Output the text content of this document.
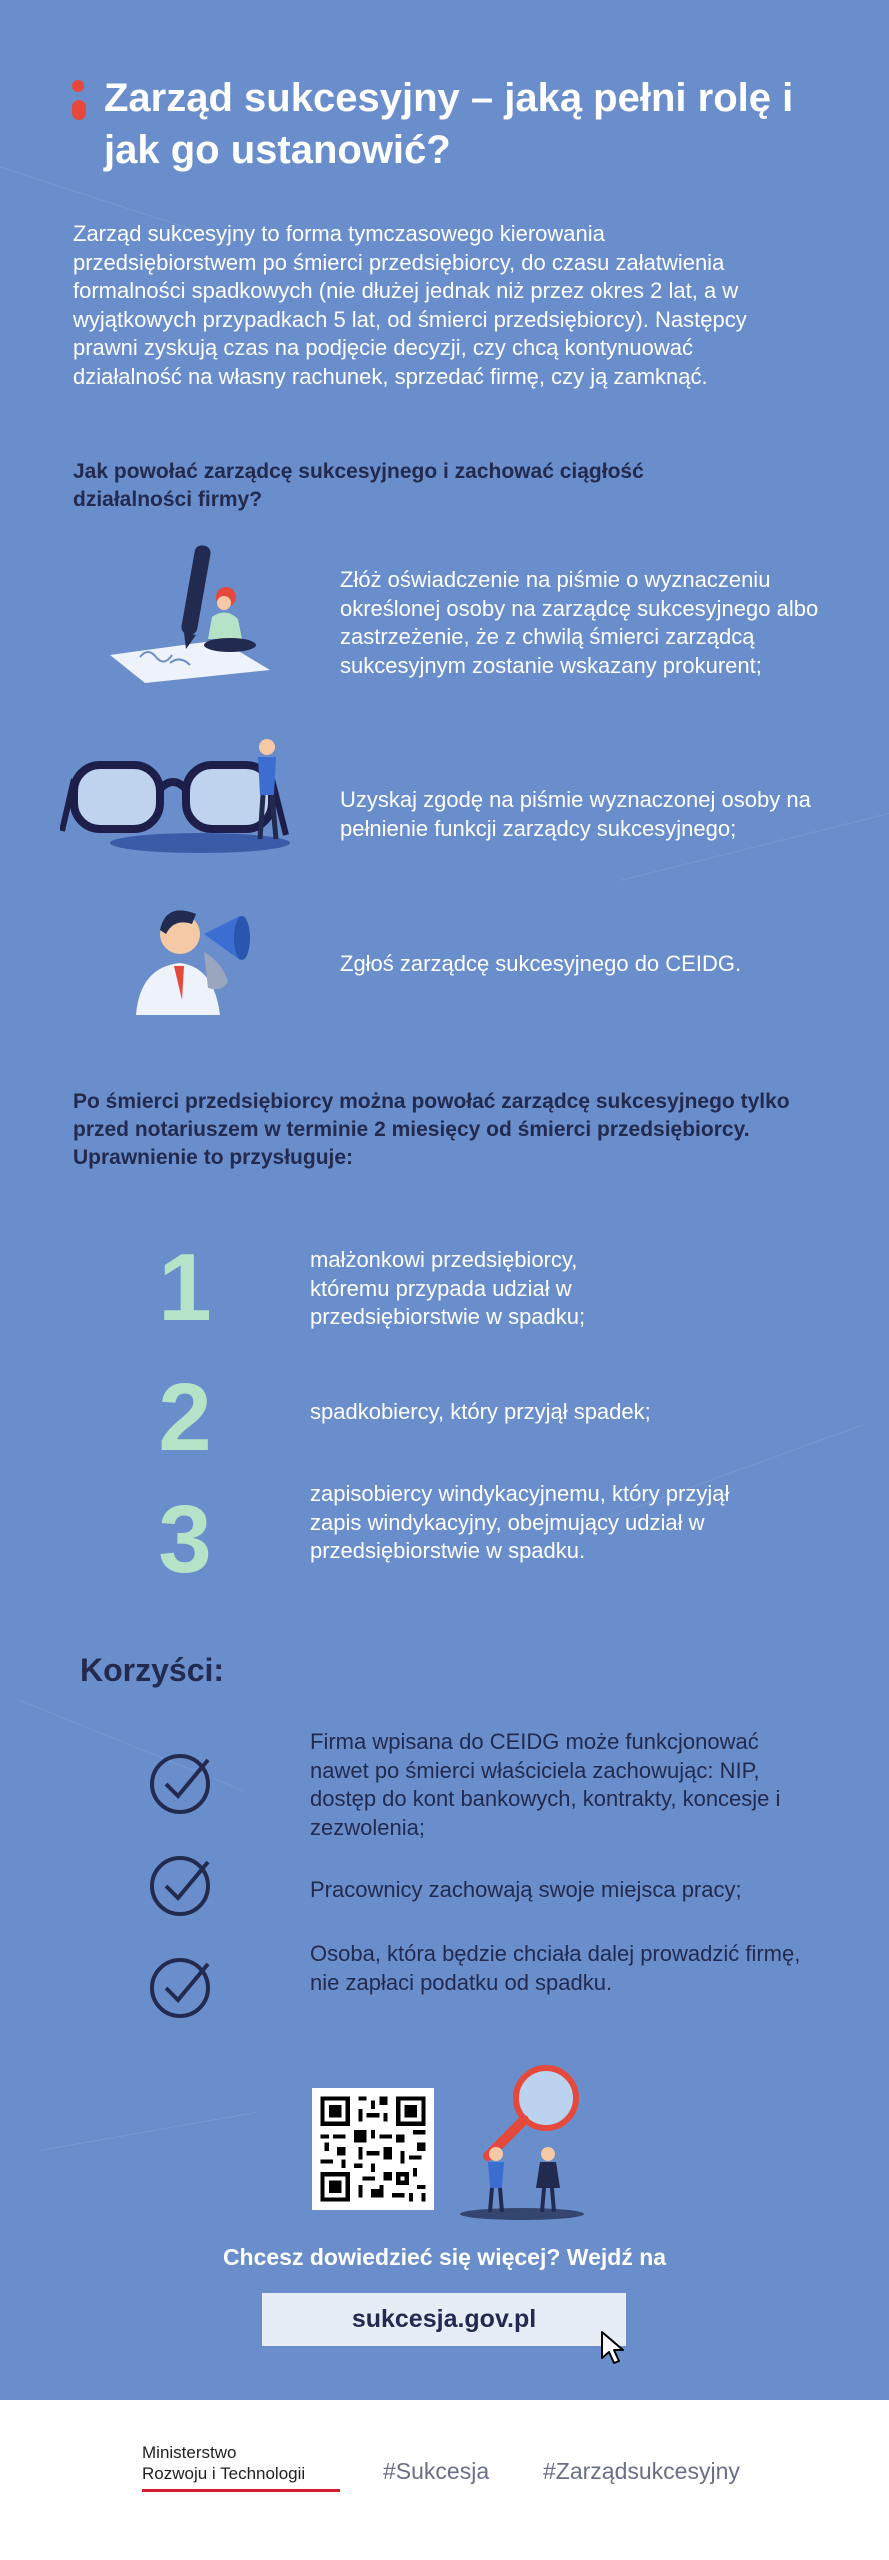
Zarząd sukcesyjny – jaką pełni rolę i jak go ustanowić?

Zarząd sukcesyjny to forma tymczasowego kierowania przedsiębiorstwem po śmierci przedsiębiorcy, do czasu załatwienia formalności spadkowych (nie dłużej jednak niż przez okres 2 lat, a w wyjątkowych przypadkach 5 lat, od śmierci przedsiębiorcy). Następcy prawni zyskują czas na podjęcie decyzji, czy chcą kontynuować działalność na własny rachunek, sprzedać firmę, czy ją zamknąć.

Jak powołać zarządcę sukcesyjnego i zachować ciągłość działalności firmy?

Złóż oświadczenie na piśmie o wyznaczeniu określonej osoby na zarządcę sukcesyjnego albo zastrzeżenie, że z chwilą śmierci zarządcą sukcesyjnym zostanie wskazany prokurent;

Uzyskaj zgodę na piśmie wyznaczonej osoby na pełnienie funkcji zarządcy sukcesyjnego;

Zgłoś zarządcę sukcesyjnego do CEIDG.

Po śmierci przedsiębiorcy można powołać zarządcę sukcesyjnego tylko przed notariuszem w terminie 2 miesięcy od śmierci przedsiębiorcy. Uprawnienie to przysługuje:
1	małżonkowi przedsiębiorcy, któremu przypada udział w przedsiębiorstwie w spadku;

2	spadkobiercy, który przyjął spadek;

3	zapisobiercy windykacyjnemu, który przyjął zapis windykacyjny, obejmujący udział w przedsiębiorstwie w spadku.

Korzyści:

Firma wpisana do CEIDG może funkcjonować nawet po śmierci właściciela zachowując: NIP, dostęp do kont bankowych, kontrakty, koncesje i zezwolenia;

Pracownicy zachowają swoje miejsca pracy;

Osoba, która będzie chciała dalej prowadzić firmę, nie zapłaci podatku od spadku.

Chcesz dowiedzieć się więcej? Wejdź na

sukcesja.gov.pl
Ministerstwo
Rozwoju i Technologii	#Sukcesja #Zarządsukcesyjny
